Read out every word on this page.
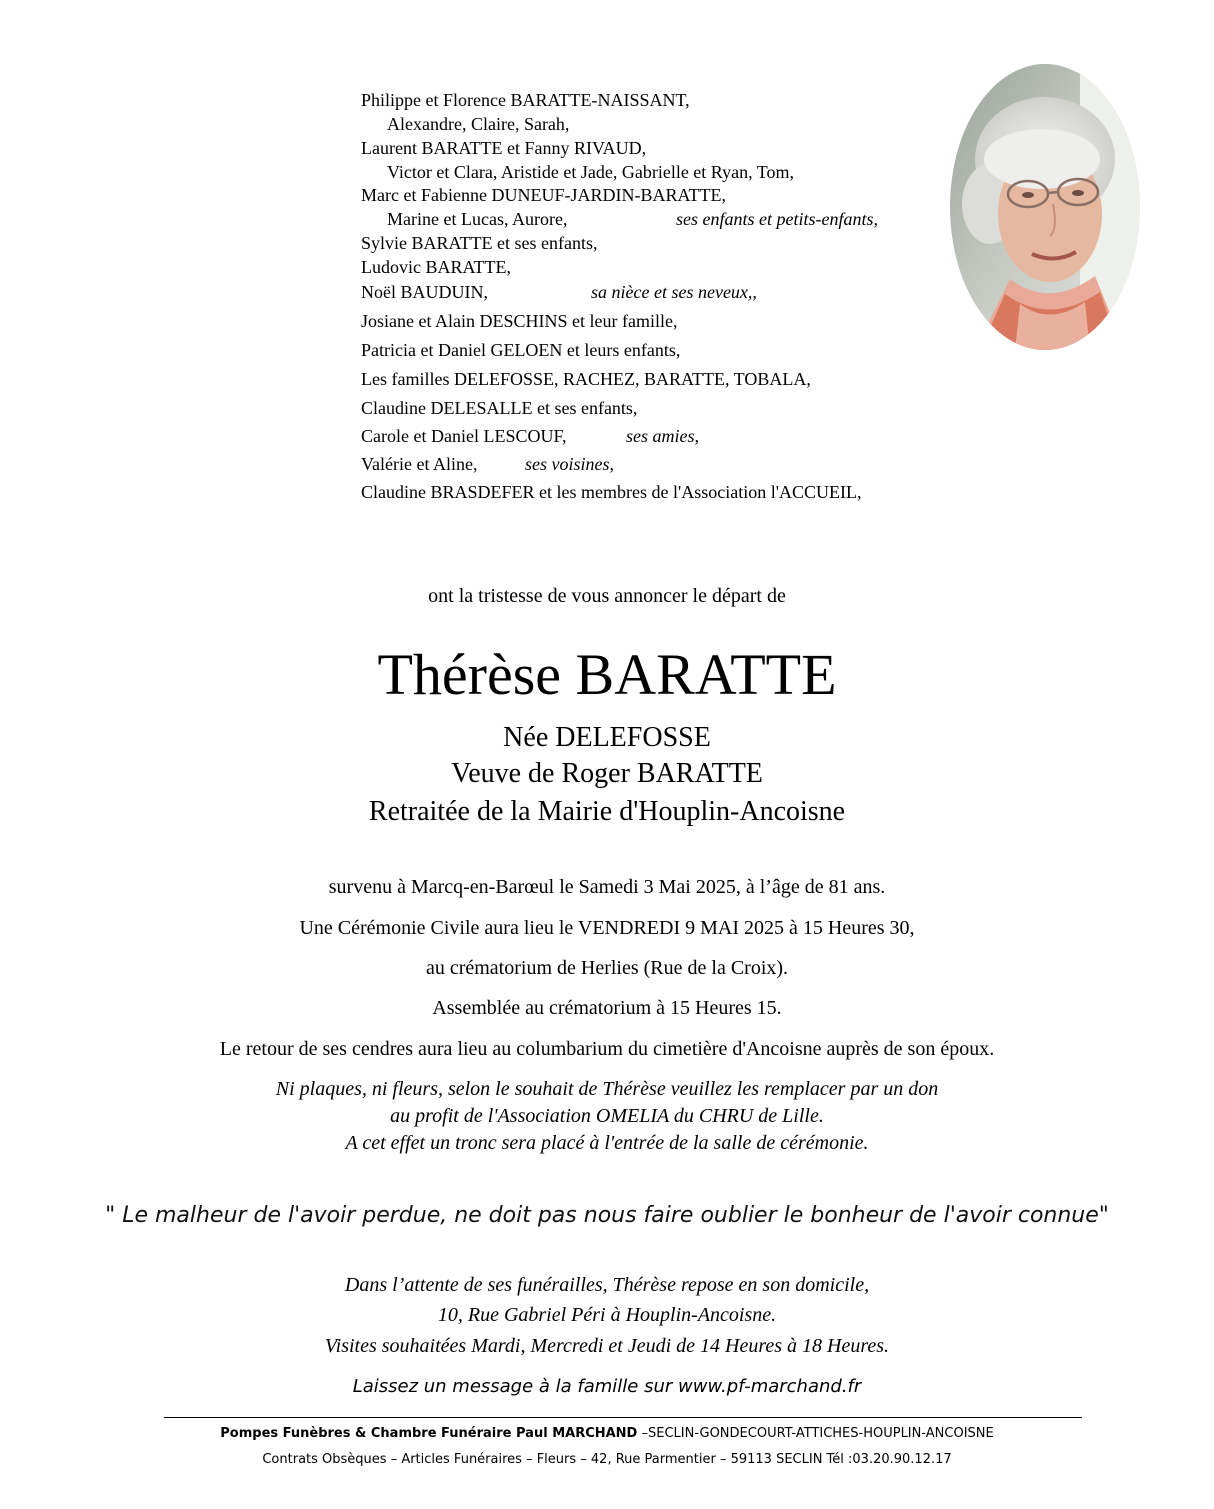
Philippe et Florence BARATTE-NAISSANT,
Alexandre, Claire, Sarah,
Laurent BARATTE et Fanny RIVAUD,
Victor et Clara, Aristide et Jade, Gabrielle et Ryan, Tom,
Marc et Fabienne DUNEUF-JARDIN-BARATTE,
Marine et Lucas, Aurore,	ses enfants et petits-enfants,
Sylvie BARATTE et ses enfants,
Ludovic BARATTE,
Noël BAUDUIN,	sa nièce et ses neveux,,
Josiane et Alain DESCHINS et leur famille,
Patricia et Daniel GELOEN et leurs enfants,
Les familles DELEFOSSE, RACHEZ, BARATTE, TOBALA,
Claudine DELESALLE et ses enfants,
Carole et Daniel LESCOUF,	ses amies,
Valérie et Aline,	ses voisines,
Claudine BRASDEFER et les membres de l'Association l'ACCUEIL,
ont la tristesse de vous annoncer le départ de
Thérèse BARATTE
Née DELEFOSSE
Veuve de Roger BARATTE
Retraitée de la Mairie d'Houplin-Ancoisne
survenu à Marcq-en-Barœul le Samedi 3 Mai 2025, à l’âge de 81 ans.
Une Cérémonie Civile aura lieu le VENDREDI 9 MAI 2025 à 15 Heures 30,
au crématorium de Herlies (Rue de la Croix).
Assemblée au crématorium à 15 Heures 15.
Le retour de ses cendres aura lieu au columbarium du cimetière d'Ancoisne auprès de son époux.
Ni plaques, ni fleurs, selon le souhait de Thérèse veuillez les remplacer par un don
au profit de l'Association OMELIA du CHRU de Lille.
A cet effet un tronc sera placé à l'entrée de la salle de cérémonie.
" Le malheur de l'avoir perdue, ne doit pas nous faire oublier le bonheur de l'avoir connue"
Dans l’attente de ses funérailles, Thérèse repose en son domicile,
10, Rue Gabriel Péri à Houplin-Ancoisne.
Visites souhaitées Mardi, Mercredi et Jeudi de 14 Heures à 18 Heures.
Laissez un message à la famille sur www.pf-marchand.fr
Pompes Funèbres & Chambre Funéraire Paul MARCHAND –SECLIN-GONDECOURT-ATTICHES-HOUPLIN-ANCOISNE
Contrats Obsèques – Articles Funéraires – Fleurs – 42, Rue Parmentier – 59113 SECLIN Tél :03.20.90.12.17
